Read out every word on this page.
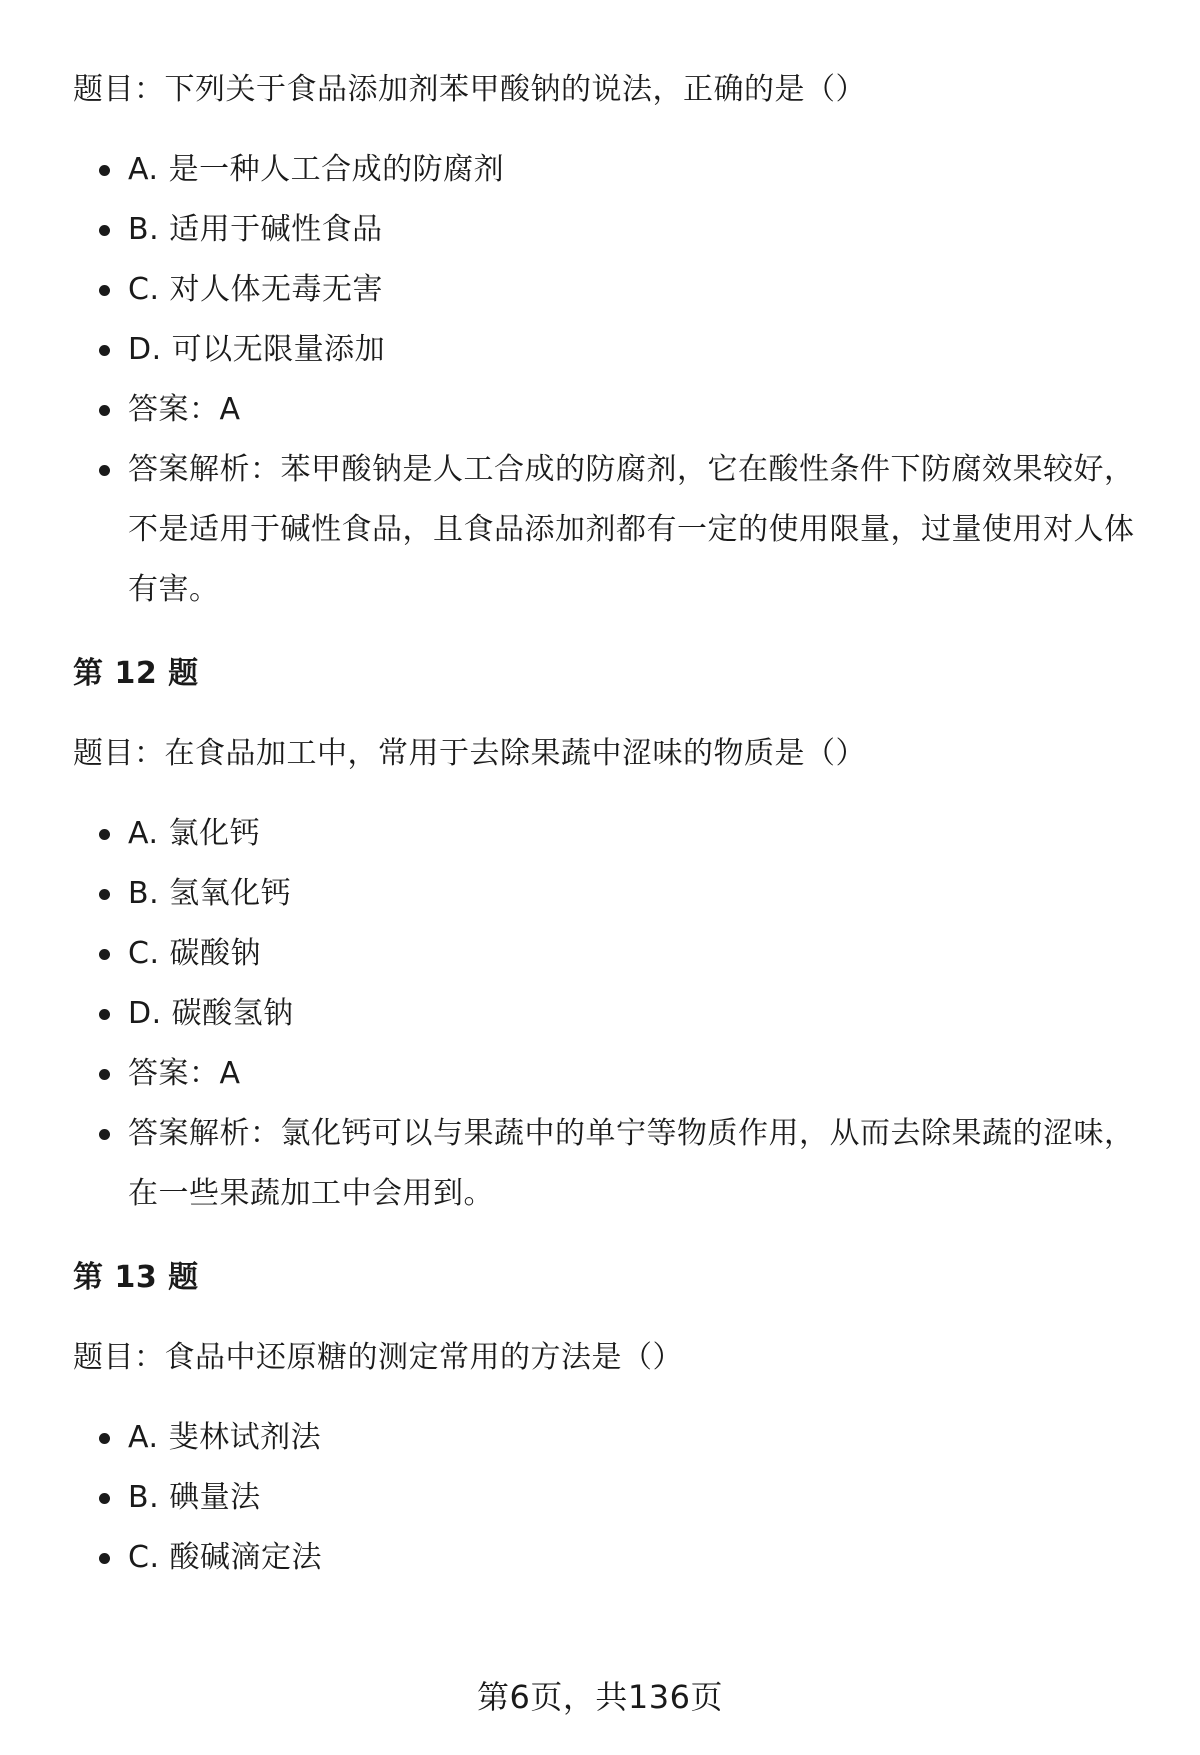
题目：下列关于食品添加剂苯甲酸钠的说法，正确的是（）

A. 是一种人工合成的防腐剂
B. 适用于碱性食品
C. 对人体无毒无害
D. 可以无限量添加
答案：A
答案解析：苯甲酸钠是人工合成的防腐剂，它在酸性条件下防腐效果较好，不是适用于碱性食品，且食品添加剂都有一定的使用限量，过量使用对人体有害。
第 12 题

题目：在食品加工中，常用于去除果蔬中涩味的物质是（）

A. 氯化钙
B. 氢氧化钙
C. 碳酸钠
D. 碳酸氢钠
答案：A
答案解析：氯化钙可以与果蔬中的单宁等物质作用，从而去除果蔬的涩味，在一些果蔬加工中会用到。
第 13 题

题目：食品中还原糖的测定常用的方法是（）

A. 斐林试剂法
B. 碘量法
C. 酸碱滴定法
第6页，共136页
